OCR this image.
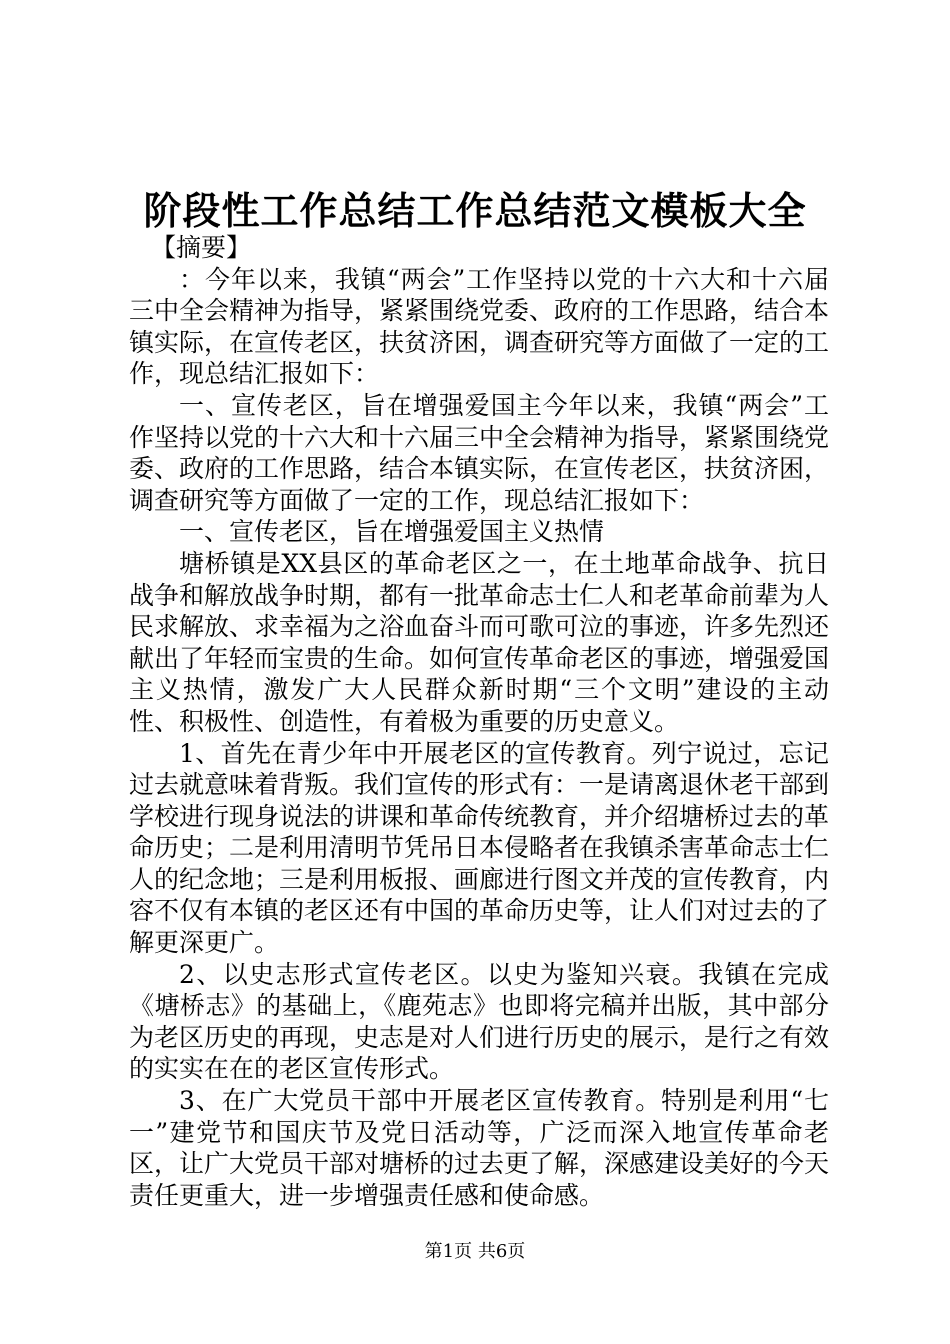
阶段性工作总结工作总结范文模板大全

【摘要】

：今年以来，我镇“两会”工作坚持以党的十六大和十六届三中全会精神为指导，紧紧围绕党委、政府的工作思路，结合本镇实际，在宣传老区，扶贫济困，调查研究等方面做了一定的工作，现总结汇报如下：

一、宣传老区，旨在增强爱国主今年以来，我镇“两会”工作坚持以党的十六大和十六届三中全会精神为指导，紧紧围绕党委、政府的工作思路，结合本镇实际，在宣传老区，扶贫济困，调查研究等方面做了一定的工作，现总结汇报如下：

一、宣传老区，旨在增强爱国主义热情

塘桥镇是XX县区的革命老区之一，在土地革命战争、抗日战争和解放战争时期，都有一批革命志士仁人和老革命前辈为人民求解放、求幸福为之浴血奋斗而可歌可泣的事迹，许多先烈还献出了年轻而宝贵的生命。如何宣传革命老区的事迹，增强爱国主义热情，激发广大人民群众新时期“三个文明”建设的主动性、积极性、创造性，有着极为重要的历史意义。

1、首先在青少年中开展老区的宣传教育。列宁说过，忘记过去就意味着背叛。我们宣传的形式有：一是请离退休老干部到学校进行现身说法的讲课和革命传统教育，并介绍塘桥过去的革命历史；二是利用清明节凭吊日本侵略者在我镇杀害革命志士仁人的纪念地；三是利用板报、画廊进行图文并茂的宣传教育，内容不仅有本镇的老区还有中国的革命历史等，让人们对过去的了解更深更广。

2、以史志形式宣传老区。以史为鉴知兴衰。我镇在完成《塘桥志》的基础上，《鹿苑志》也即将完稿并出版，其中部分为老区历史的再现，史志是对人们进行历史的展示，是行之有效的实实在在的老区宣传形式。

3、在广大党员干部中开展老区宣传教育。特别是利用“七一”建党节和国庆节及党日活动等，广泛而深入地宣传革命老区，让广大党员干部对塘桥的过去更了解，深感建设美好的今天责任更重大，进一步增强责任感和使命感。

第1页 共6页
